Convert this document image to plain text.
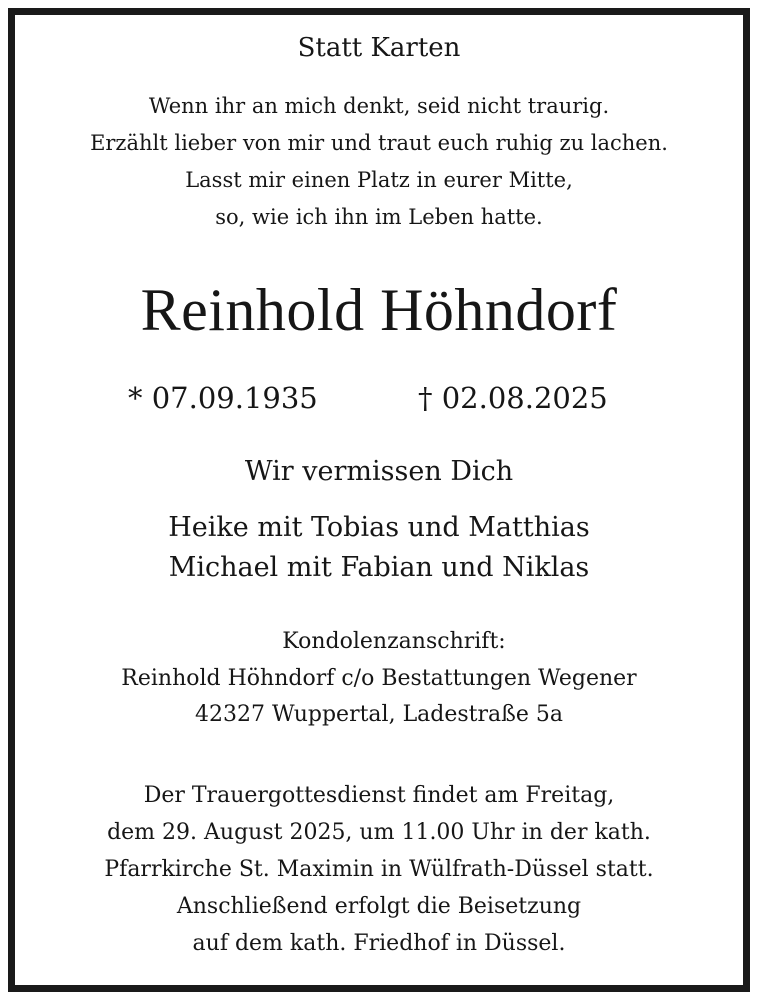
Statt Karten

Wenn ihr an mich denkt, seid nicht traurig.
Erzählt lieber von mir und traut euch ruhig zu lachen.
Lasst mir einen Platz in eurer Mitte,
so, wie ich ihn im Leben hatte.
Reinhold Höhndorf
* 07.09.1935	† 02.08.2025

Wir vermissen Dich

Heike mit Tobias und Matthias
Michael mit Fabian und Niklas

Kondolenzanschrift:

Reinhold Höhndorf c/o Bestattungen Wegener
42327 Wuppertal, Ladestraße 5a
Der Trauergottesdienst findet am Freitag,
dem 29. August 2025, um 11.00 Uhr in der kath.
Pfarrkirche St. Maximin in Wülfrath-Düssel statt.
Anschließend erfolgt die Beisetzung
auf dem kath. Friedhof in Düssel.
